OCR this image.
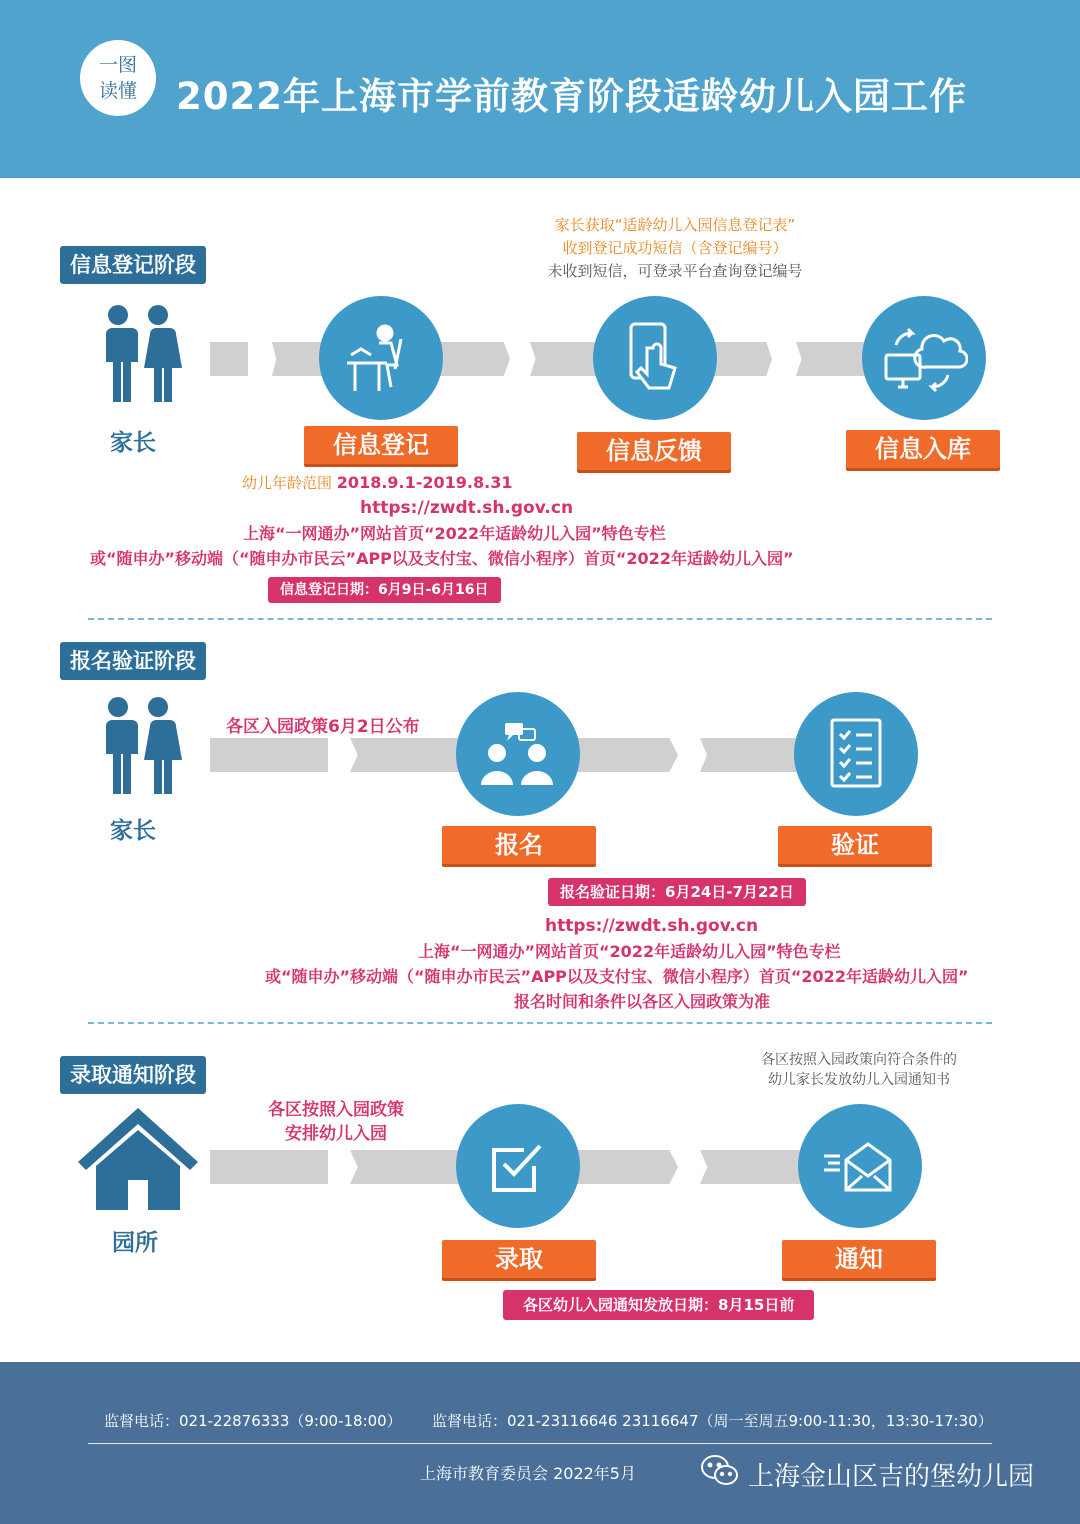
一图
读懂	2022年上海市学前教育阶段适龄幼儿入园工作
信息登记阶段
家长获取“适龄幼儿入园信息登记表”
收到登记成功短信（含登记编号）
未收到短信，可登录平台查询登记编号
家长	信息登记	信息反馈	信息入库
幼儿年龄范围 2018.9.1-2019.8.31
https://zwdt.sh.gov.cn
上海“一网通办”网站首页“2022年适龄幼儿入园”特色专栏
或“随申办”移动端（“随申办市民云”APP以及支付宝、微信小程序）首页“2022年适龄幼儿入园”
信息登记日期：6月9日-6月16日
报名验证阶段
家长
各区入园政策6月2日公布
报名	验证
报名验证日期：6月24日-7月22日
https://zwdt.sh.gov.cn
上海“一网通办”网站首页“2022年适龄幼儿入园”特色专栏
或“随申办”移动端（“随申办市民云”APP以及支付宝、微信小程序）首页“2022年适龄幼儿入园”
报名时间和条件以各区入园政策为准
录取通知阶段
园所
各区按照入园政策
安排幼儿入园
各区按照入园政策向符合条件的
幼儿家长发放幼儿入园通知书
录取	通知
各区幼儿入园通知发放日期：8月15日前
监督电话：021-22876333（9:00-18:00） 监督电话：021-23116646 23116647（周一至周五9:00-11:30，13:30-17:30）
上海市教育委员会 2022年5月	上海金山区吉的堡幼儿园
